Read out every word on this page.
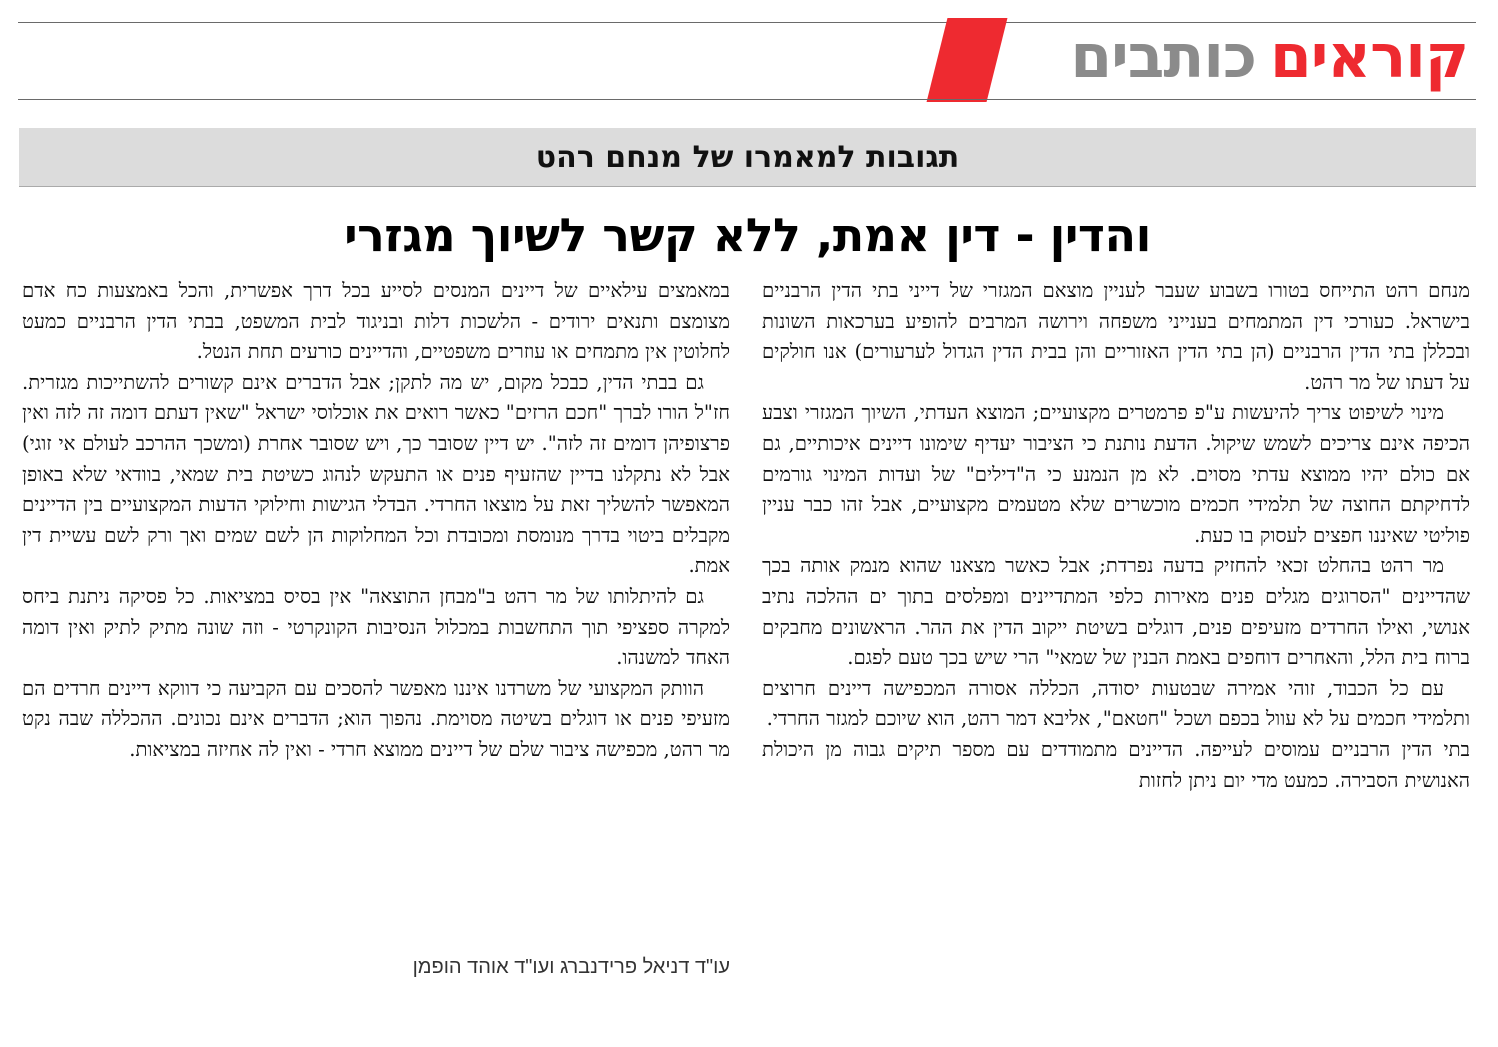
קוראים
כותבים
תגובות למאמרו של מנחם רהט
והדין - דין אמת, ללא קשר לשיוך מגזרי

מנחם רהט התייחס בטורו בשבוע שעבר לעניין מוצאם המגזרי של דייני בתי הדין הרבניים בישראל. כעורכי דין המתמחים בענייני משפחה וירושה המרבים להופיע בערכאות השונות ובכללן בתי הדין הרבניים (הן בתי הדין האזוריים והן בבית הדין הגדול לערעורים) אנו חולקים על דעתו של מר רהט.

מינוי לשיפוט צריך להיעשות ע"פ פרמטרים מקצועיים; המוצא העדתי, השיוך המגזרי וצבע הכיפה אינם צריכים לשמש שיקול. הדעת נותנת כי הציבור יעדיף שימונו דיינים איכותיים, גם אם כולם יהיו ממוצא עדתי מסוים. לא מן הנמנע כי ה"דילים" של ועדות המינוי גורמים לדחיקתם החוצה של תלמידי חכמים מוכשרים שלא מטעמים מקצועיים, אבל זהו כבר עניין פוליטי שאיננו חפצים לעסוק בו כעת.

מר רהט בהחלט זכאי להחזיק בדעה נפרדת; אבל כאשר מצאנו שהוא מנמק אותה בכך שהדיינים "הסרוגים מגלים פנים מאירות כלפי המתדיינים ומפלסים בתוך ים ההלכה נתיב אנושי, ואילו החרדים מזעיפים פנים, דוגלים בשיטת ייקוב הדין את ההר. הראשונים מחבקים ברוח בית הלל, והאחרים דוחפים באמת הבנין של שמאי" הרי שיש בכך טעם לפגם.

עם כל הכבוד, זוהי אמירה שבטעות יסודה, הכללה אסורה המכפישה דיינים חרוצים ותלמידי חכמים על לא עוול בכפם ושכל "חטאם", אליבא דמר רהט, הוא שיוכם למגזר החרדי.

בתי הדין הרבניים עמוסים לעייפה. הדיינים מתמודדים עם מספר תיקים גבוה מן היכולת האנושית הסבירה. כמעט מדי יום ניתן לחזות

במאמצים עילאיים של דיינים המנסים לסייע בכל דרך אפשרית, והכל באמצעות כח אדם מצומצם ותנאים ירודים - הלשכות דלות ובניגוד לבית המשפט, בבתי הדין הרבניים כמעט לחלוטין אין מתמחים או עוזרים משפטיים, והדיינים כורעים תחת הנטל.

גם בבתי הדין, כבכל מקום, יש מה לתקן; אבל הדברים אינם קשורים להשתייכות מגזרית. חז"ל הורו לברך "חכם הרזים" כאשר רואים את אוכלוסי ישראל "שאין דעתם דומה זה לזה ואין פרצופיהן דומים זה לזה". יש דיין שסובר כך, ויש שסובר אחרת (ומשכך ההרכב לעולם אי זוגי) אבל לא נתקלנו בדיין שהזעיף פנים או התעקש לנהוג כשיטת בית שמאי, בוודאי שלא באופן המאפשר להשליך זאת על מוצאו החרדי. הבדלי הגישות וחילוקי הדעות המקצועיים בין הדיינים מקבלים ביטוי בדרך מנומסת ומכובדת וכל המחלוקות הן לשם שמים ואך ורק לשם עשיית דין אמת.

גם להיתלותו של מר רהט ב"מבחן התוצאה" אין בסיס במציאות. כל פסיקה ניתנת ביחס למקרה ספציפי תוך התחשבות במכלול הנסיבות הקונקרטי - וזה שונה מתיק לתיק ואין דומה האחד למשנהו.

הוותק המקצועי של משרדנו איננו מאפשר להסכים עם הקביעה כי דווקא דיינים חרדים הם מזעיפי פנים או דוגלים בשיטה מסוימת. נהפוך הוא; הדברים אינם נכונים. ההכללה שבה נקט מר רהט, מכפישה ציבור שלם של דיינים ממוצא חרדי - ואין לה אחיזה במציאות.

עו"ד דניאל פרידנברג ועו"ד אוהד הופמן
